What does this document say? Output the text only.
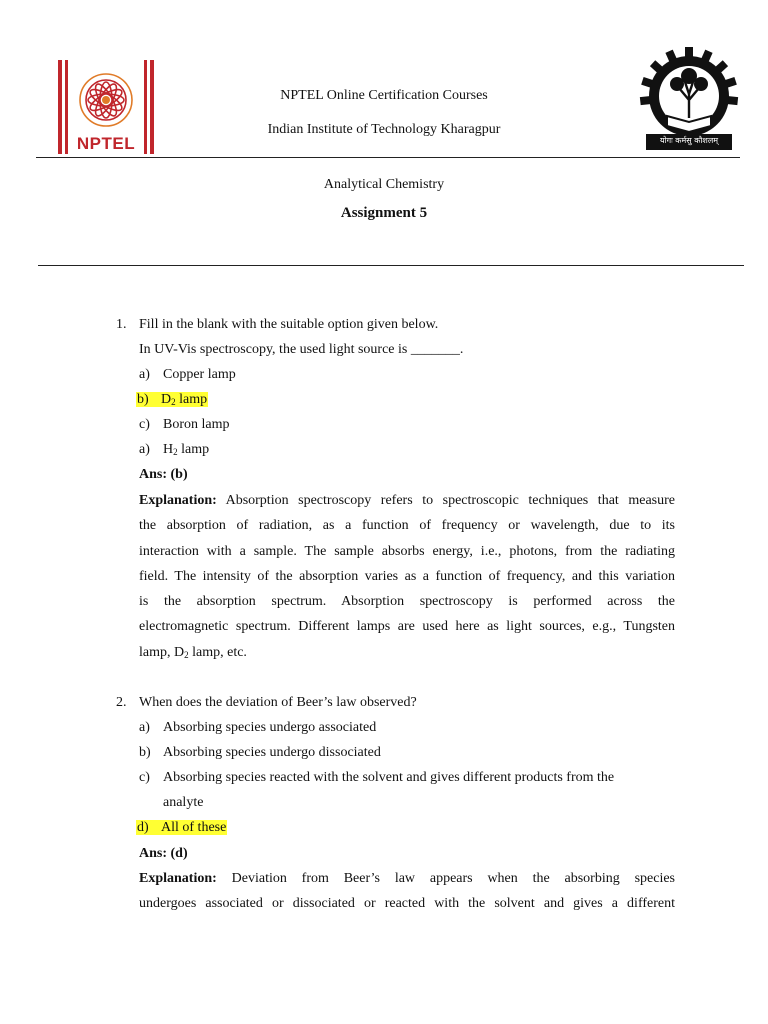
NPTEL	योगः कर्मसु कौशलम्
NPTEL Online Certification Courses
Indian Institute of Technology Kharagpur
Analytical Chemistry
Assignment 5
1. Fill in the blank with the suitable option given below.
In UV-Vis spectroscopy, the used light source is _______.
a) Copper lamp
b) $D_2$ lamp
c) Boron lamp
a) $H_2$ lamp
Ans: (b)
Explanation: Absorption spectroscopy refers to spectroscopic techniques that measure
the absorption of radiation, as a function of frequency or wavelength, due to its
interaction with a sample. The sample absorbs energy, i.e., photons, from the radiating
field. The intensity of the absorption varies as a function of frequency, and this variation
is the absorption spectrum. Absorption spectroscopy is performed across the
electromagnetic spectrum. Different lamps are used here as light sources, e.g., Tungsten
lamp, $D_2$ lamp, etc.
2. When does the deviation of Beer’s law observed?
a) Absorbing species undergo associated
b) Absorbing species undergo dissociated
c) Absorbing species reacted with the solvent and gives different products from the
analyte
d) All of these
Ans: (d)
Explanation: Deviation from Beer’s law appears when the absorbing species
undergoes associated or dissociated or reacted with the solvent and gives a different
